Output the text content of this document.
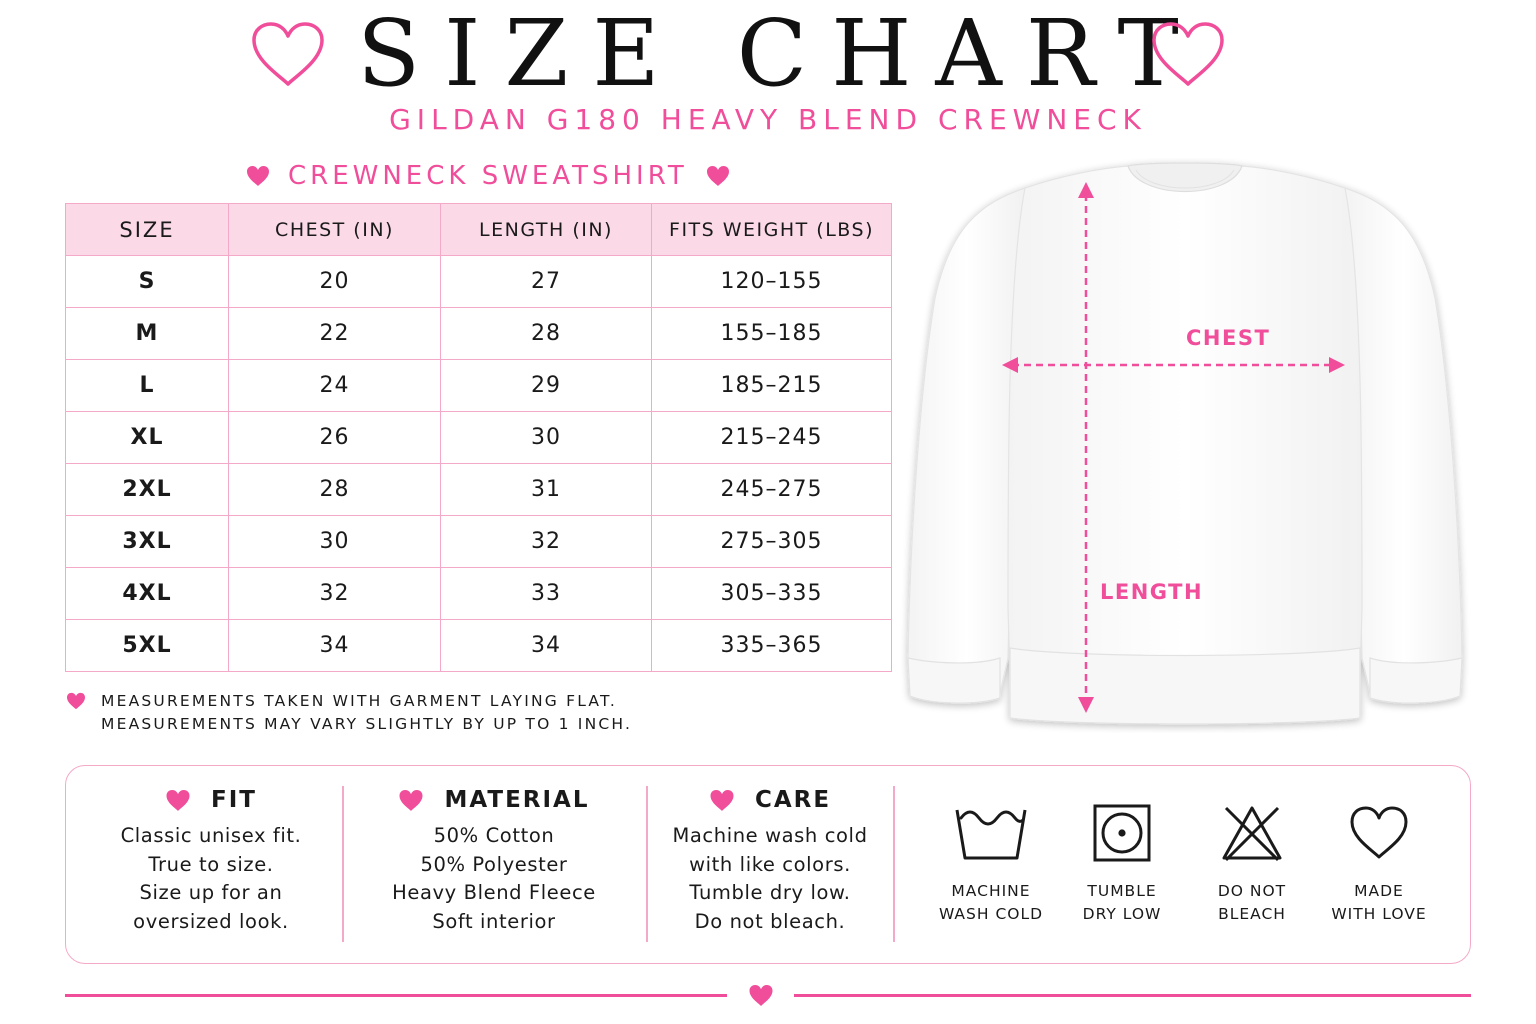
SIZE CHART
GILDAN G180 HEAVY BLEND CREWNECK
CREWNECK SWEATSHIRT
SIZE	CHEST (IN)	LENGTH (IN)	FITS WEIGHT (LBS)
S	20	27	120–155
M	22	28	155–185
L	24	29	185–215
XL	26	30	215–245
2XL	28	31	245–275
3XL	30	32	275–305
4XL	32	33	305–335
5XL	34	34	335–365
MEASUREMENTS TAKEN WITH GARMENT LAYING FLAT.
MEASUREMENTS MAY VARY SLIGHTLY BY UP TO 1 INCH.
CHEST
LENGTH
FIT
Classic unisex fit.
True to size.
Size up for an
oversized look.
MATERIAL
50% Cotton
50% Polyester
Heavy Blend Fleece
Soft interior
CARE
Machine wash cold
with like colors.
Tumble dry low.
Do not bleach.
MACHINE
WASH COLD
TUMBLE
DRY LOW
DO NOT
BLEACH
MADE
WITH LOVE
